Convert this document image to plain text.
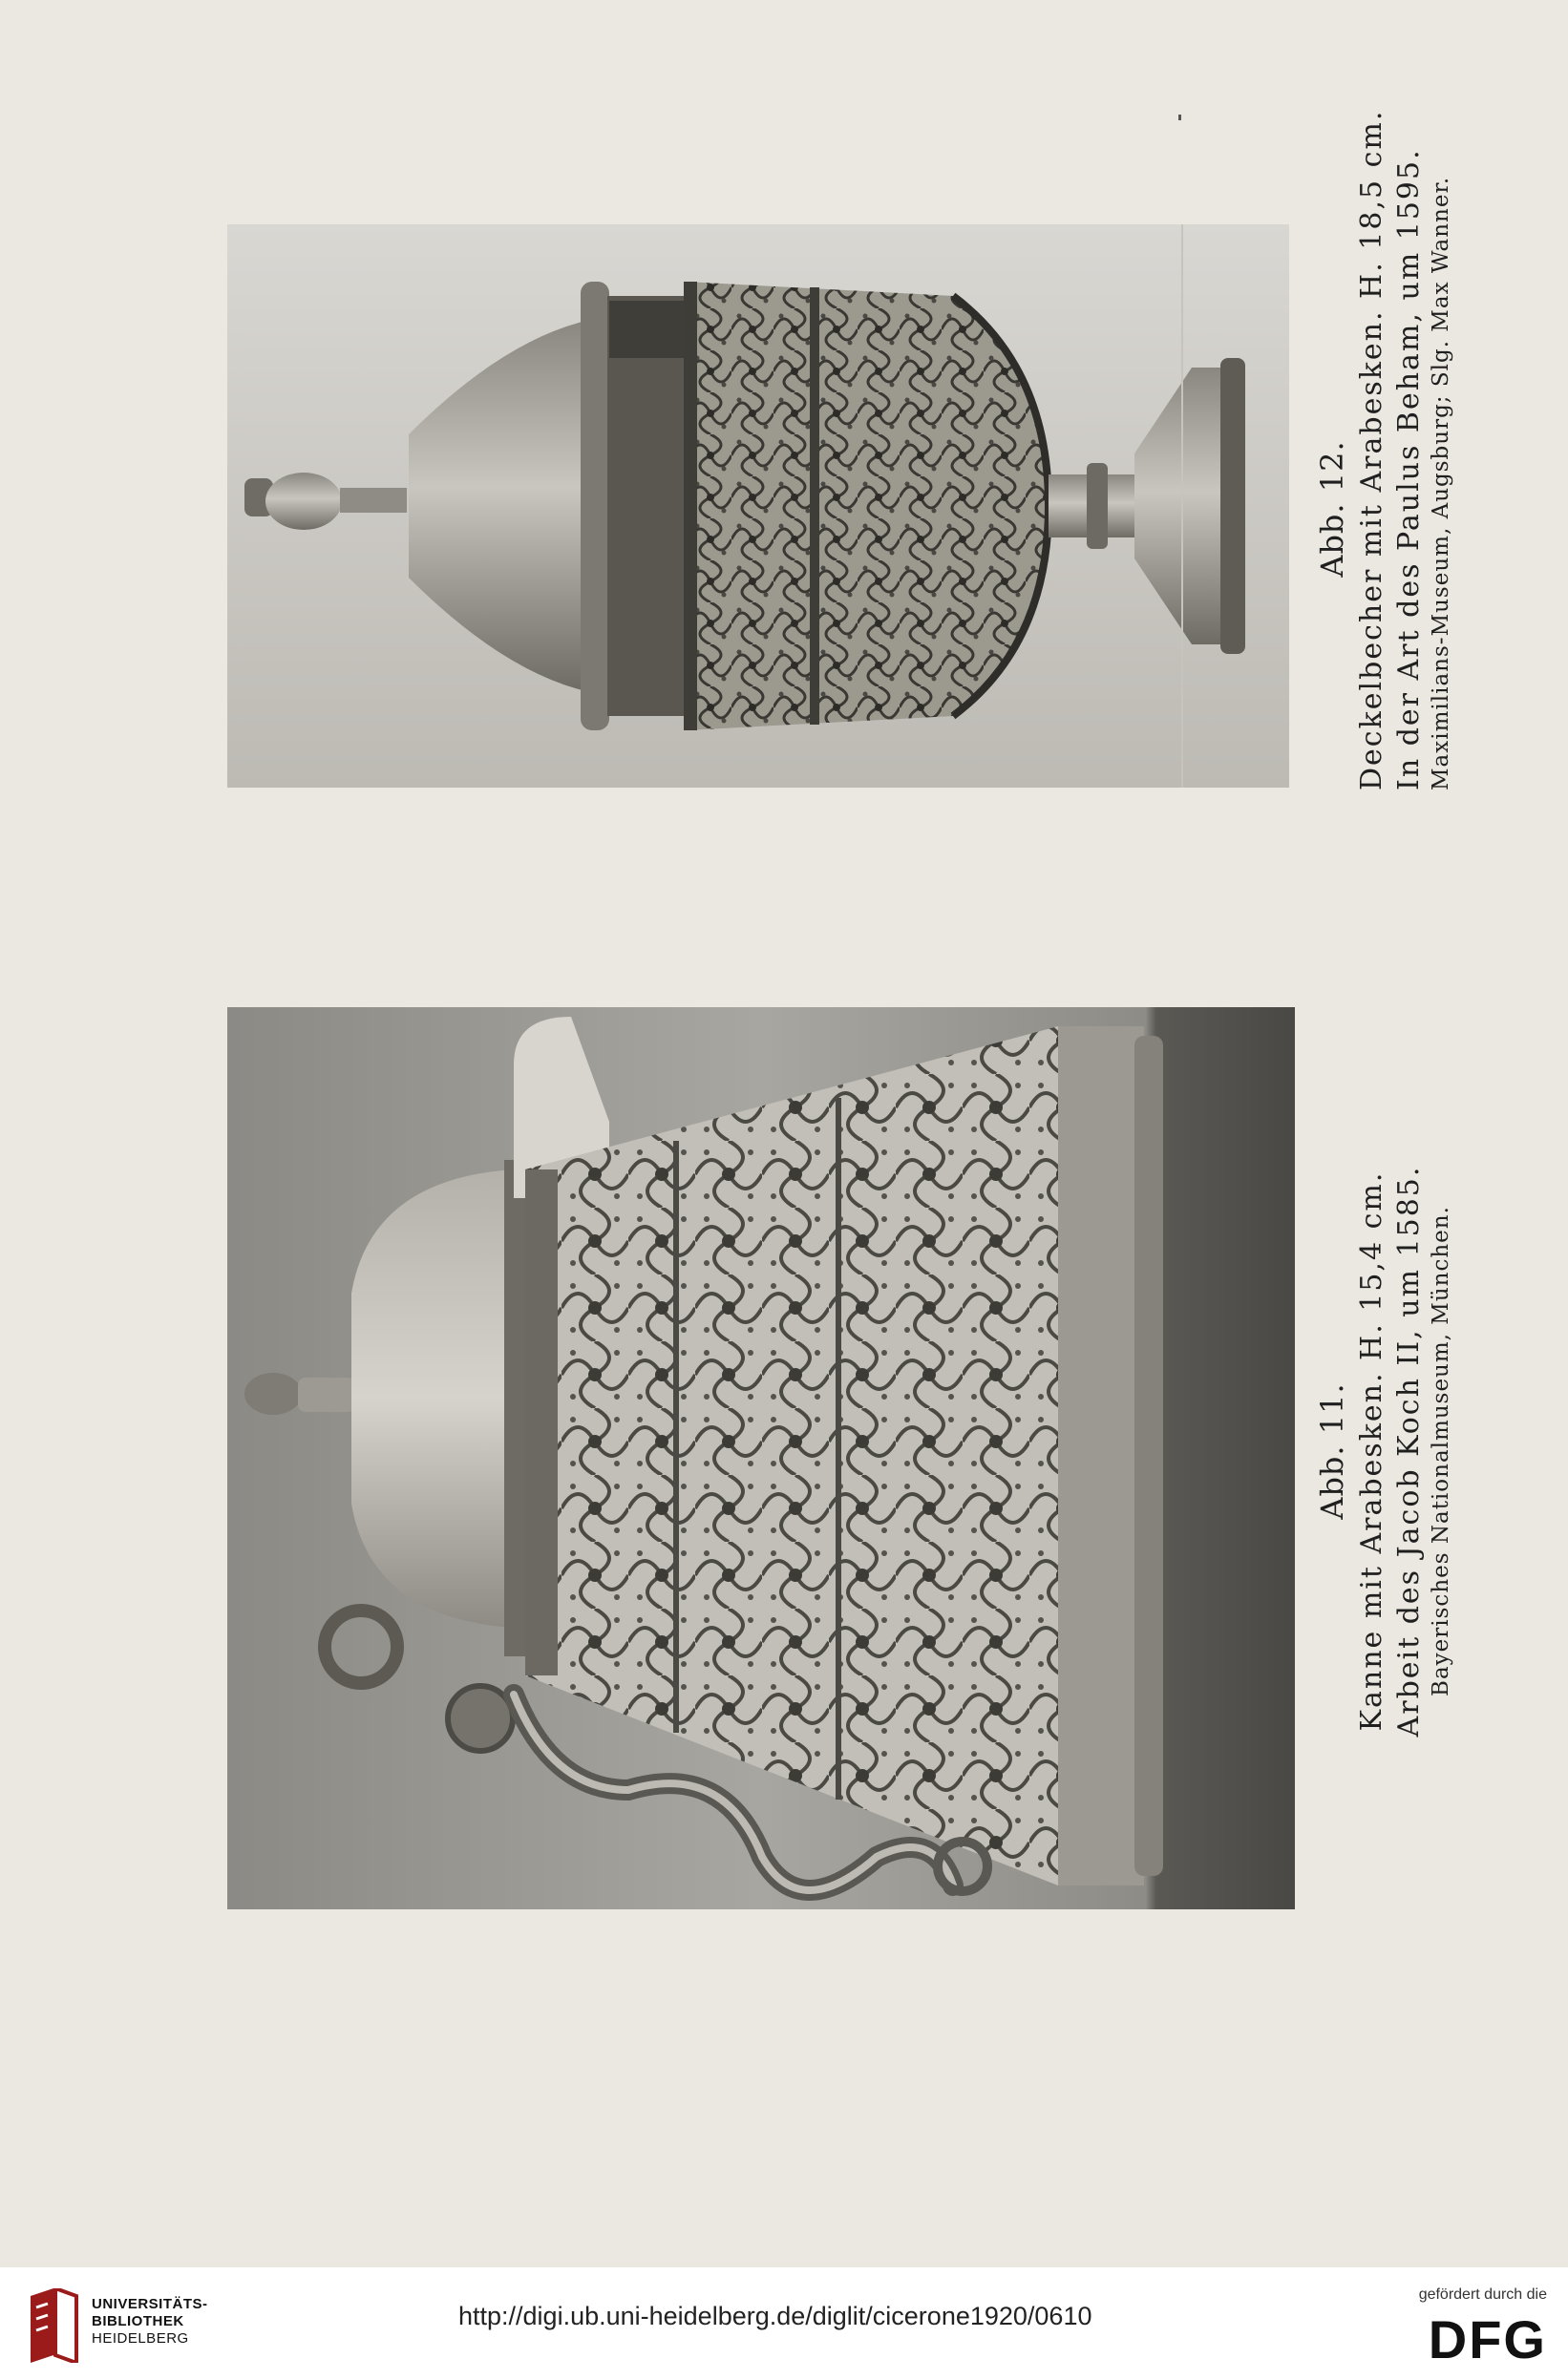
Abb. 12. Deckelbecher mit Arabesken. H. 18,5 cm. In der Art des Paulus Beham, um 1595. Maximilians-Museum, Augsburg; Slg. Max Wanner.
Abb. 11. Kanne mit Arabesken. H. 15,4 cm. Arbeit des Jacob Koch II, um 1585. Bayerisches Nationalmuseum, München.
UNIVERSITÄTS-
BIBLIOTHEK
HEIDELBERG
http://digi.ub.uni-heidelberg.de/diglit/cicerone1920/0610
gefördert durch die
DFG
